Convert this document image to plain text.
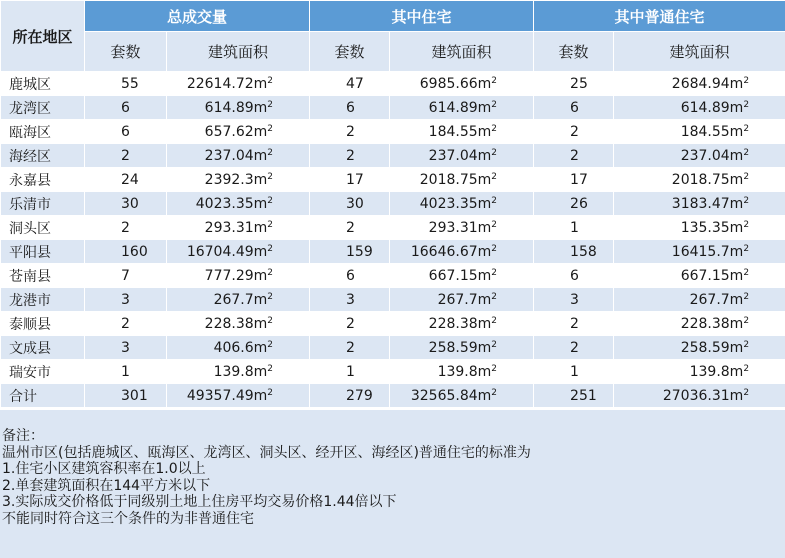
所在地区	总成交量		其中住宅		其中普通住宅	
	套数	建筑面积	套数	建筑面积	套数	建筑面积
鹿城区	55	$22614.72m^2$	47	$6985.66m^2$	25	$2684.94m^2$
龙湾区	6	$614.89m^2$	6	$614.89m^2$	6	$614.89m^2$
瓯海区	6	$657.62m^2$	2	$184.55m^2$	2	$184.55m^2$
海经区	2	$237.04m^2$	2	$237.04m^2$	2	$237.04m^2$
永嘉县	24	$2392.3m^2$	17	$2018.75m^2$	17	$2018.75m^2$
乐清市	30	$4023.35m^2$	30	$4023.35m^2$	26	$3183.47m^2$
洞头区	2	$293.31m^2$	2	$293.31m^2$	1	$135.35m^2$
平阳县	160	$16704.49m^2$	159	$16646.67m^2$	158	$16415.7m^2$
苍南县	7	$777.29m^2$	6	$667.15m^2$	6	$667.15m^2$
龙港市	3	$267.7m^2$	3	$267.7m^2$	3	$267.7m^2$
泰顺县	2	$228.38m^2$	2	$228.38m^2$	2	$228.38m^2$
文成县	3	$406.6m^2$	2	$258.59m^2$	2	$258.59m^2$
瑞安市	1	$139.8m^2$	1	$139.8m^2$	1	$139.8m^2$
合计	301	$49357.49m^2$	279	$32565.84m^2$	251	$27036.31m^2$
备注：
温州市区(包括鹿城区、瓯海区、龙湾区、洞头区、经开区、海经区)普通住宅的标准为
1.住宅小区建筑容积率在1.0以上
2.单套建筑面积在144平方米以下
3.实际成交价格低于同级别土地上住房平均交易价格1.44倍以下
不能同时符合这三个条件的为非普通住宅
